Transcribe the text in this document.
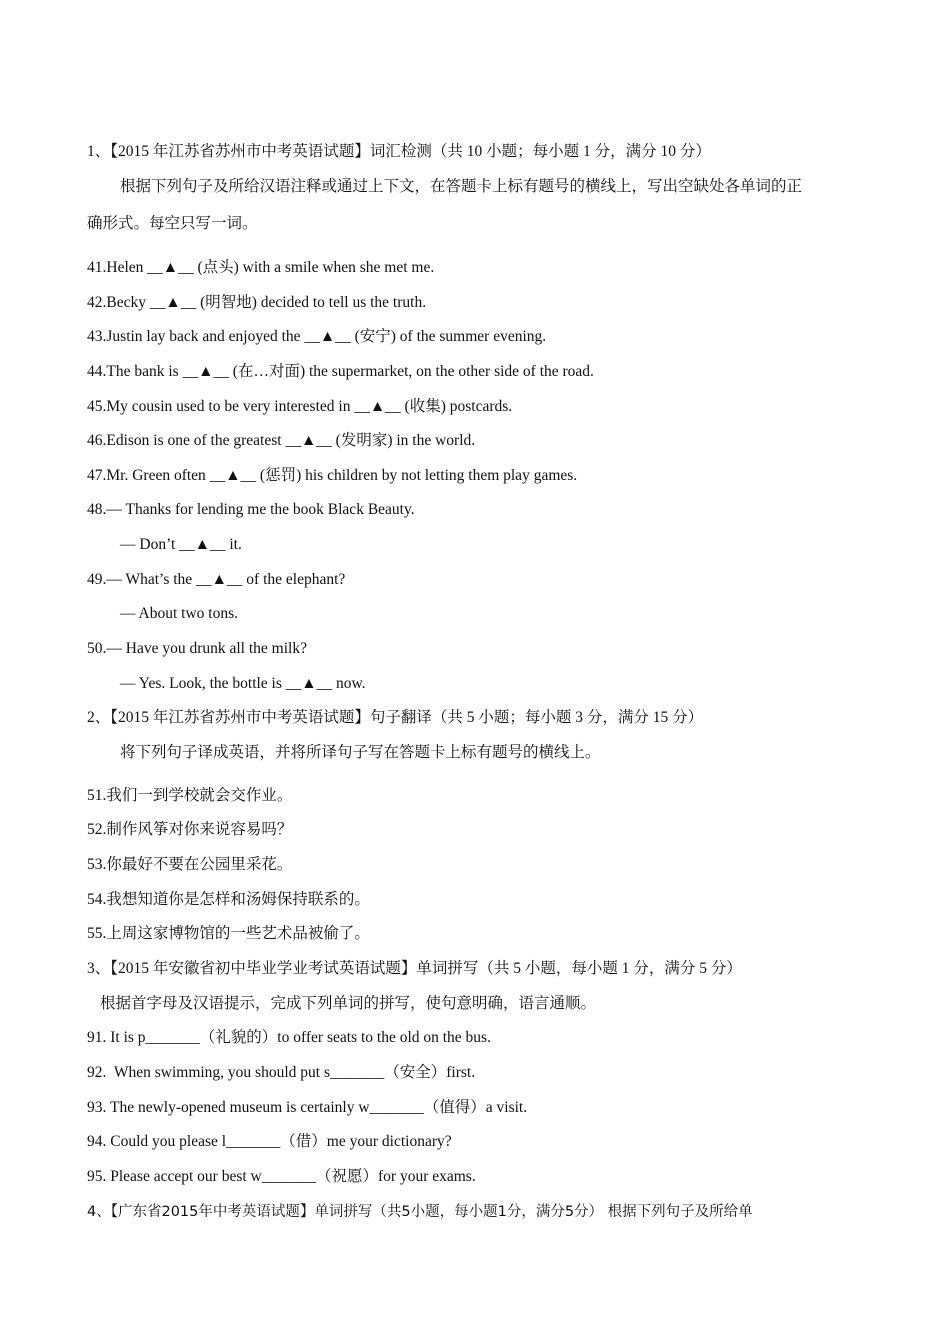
1、【2015 年江苏省苏州市中考英语试题】词汇检测（共 10 小题；每小题 1 分，满分 10 分）
根据下列句子及所给汉语注释或通过上下文，在答题卡上标有题号的横线上，写出空缺处各单词的正
确形式。每空只写一词。
41.Helen __▲__ (点头) with a smile when she met me.
42.Becky __▲__ (明智地) decided to tell us the truth.
43.Justin lay back and enjoyed the __▲__ (安宁) of the summer evening.
44.The bank is __▲__ (在…对面) the supermarket, on the other side of the road.
45.My cousin used to be very interested in __▲__ (收集) postcards.
46.Edison is one of the greatest __▲__ (发明家) in the world.
47.Mr. Green often __▲__ (惩罚) his children by not letting them play games.
48.— Thanks for lending me the book Black Beauty.
— Don’t __▲__ it.
49.— What’s the __▲__ of the elephant?
— About two tons.
50.— Have you drunk all the milk?
— Yes. Look, the bottle is __▲__ now.
2、【2015 年江苏省苏州市中考英语试题】句子翻译（共 5 小题；每小题 3 分，满分 15 分）
将下列句子译成英语，并将所译句子写在答题卡上标有题号的横线上。
51.我们一到学校就会交作业。
52.制作风筝对你来说容易吗？
53.你最好不要在公园里采花。
54.我想知道你是怎样和汤姆保持联系的。
55.上周这家博物馆的一些艺术品被偷了。
3、【2015 年安徽省初中毕业学业考试英语试题】单词拼写（共 5 小题，每小题 1 分，满分 5 分）
根据首字母及汉语提示，完成下列单词的拼写，使句意明确，语言通顺。
91. It is p_______（礼貌的）to offer seats to the old on the bus.
92.  When swimming, you should put s_______（安全）first.
93. The newly-opened museum is certainly w_______（值得）a visit.
94. Could you please l_______（借）me your dictionary?
95. Please accept our best w_______（祝愿）for your exams.
4、【广东省2015年中考英语试题】单词拼写（共5小题，每小题1分，满分5分） 根据下列句子及所给单
